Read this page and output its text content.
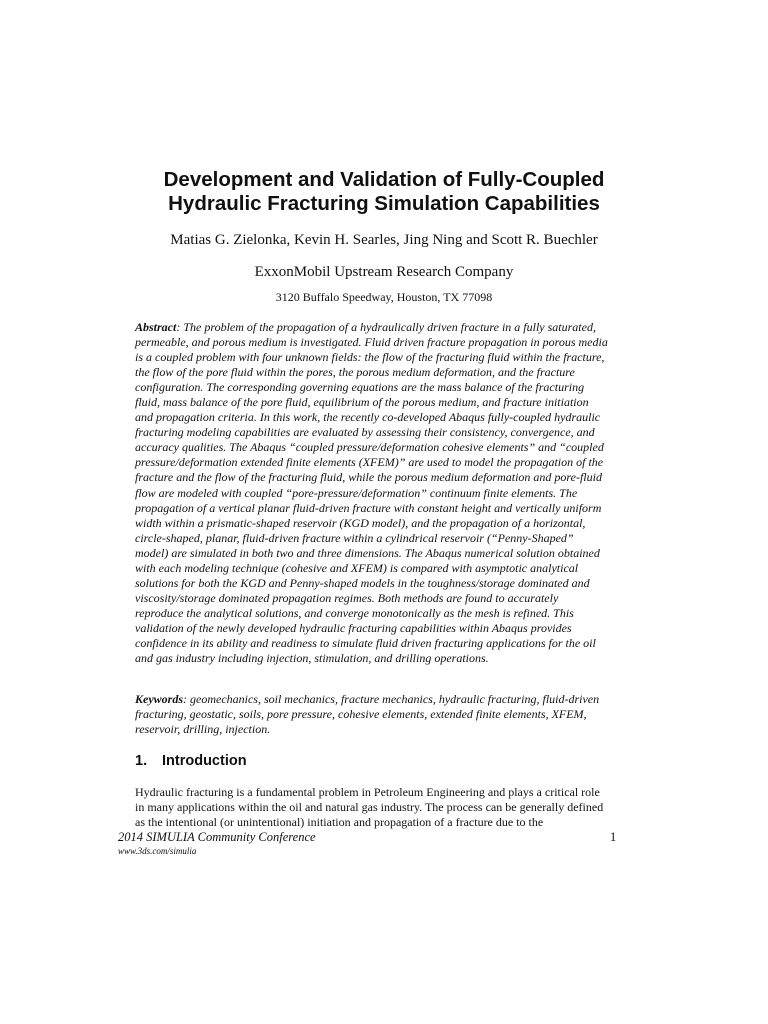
Development and Validation of Fully-Coupled
Hydraulic Fracturing Simulation Capabilities

Matias G. Zielonka, Kevin H. Searles, Jing Ning and Scott R. Buechler

ExxonMobil Upstream Research Company

3120 Buffalo Speedway, Houston, TX 77098

Abstract: The problem of the propagation of a hydraulically driven fracture in a fully saturated,
permeable, and porous medium is investigated. Fluid driven fracture propagation in porous media
is a coupled problem with four unknown fields: the flow of the fracturing fluid within the fracture,
the flow of the pore fluid within the pores, the porous medium deformation, and the fracture
configuration. The corresponding governing equations are the mass balance of the fracturing
fluid, mass balance of the pore fluid, equilibrium of the porous medium, and fracture initiation
and propagation criteria. In this work, the recently co-developed Abaqus fully-coupled hydraulic
fracturing modeling capabilities are evaluated by assessing their consistency, convergence, and
accuracy qualities. The Abaqus “coupled pressure/deformation cohesive elements” and “coupled
pressure/deformation extended finite elements (XFEM)” are used to model the propagation of the
fracture and the flow of the fracturing fluid, while the porous medium deformation and pore-fluid
flow are modeled with coupled “pore-pressure/deformation” continuum finite elements. The
propagation of a vertical planar fluid-driven fracture with constant height and vertically uniform
width within a prismatic-shaped reservoir (KGD model), and the propagation of a horizontal,
circle-shaped, planar, fluid-driven fracture within a cylindrical reservoir (“Penny-Shaped”
model) are simulated in both two and three dimensions. The Abaqus numerical solution obtained
with each modeling technique (cohesive and XFEM) is compared with asymptotic analytical
solutions for both the KGD and Penny-shaped models in the toughness/storage dominated and
viscosity/storage dominated propagation regimes. Both methods are found to accurately
reproduce the analytical solutions, and converge monotonically as the mesh is refined. This
validation of the newly developed hydraulic fracturing capabilities within Abaqus provides
confidence in its ability and readiness to simulate fluid driven fracturing applications for the oil
and gas industry including injection, stimulation, and drilling operations.
Keywords: geomechanics, soil mechanics, fracture mechanics, hydraulic fracturing, fluid-driven
fracturing, geostatic, soils, pore pressure, cohesive elements, extended finite elements, XFEM,
reservoir, drilling, injection.
1. Introduction
Hydraulic fracturing is a fundamental problem in Petroleum Engineering and plays a critical role
in many applications within the oil and natural gas industry. The process can be generally defined
as the intentional (or unintentional) initiation and propagation of a fracture due to the
2014 SIMULIA Community Conference	1
www.3ds.com/simulia
